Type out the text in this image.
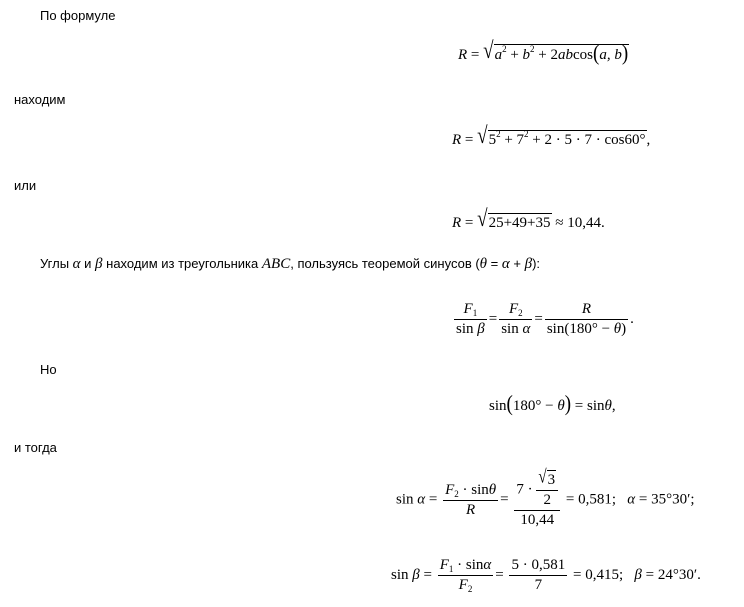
По формуле
$R = √a^2 + b^2 + 2abcos(a$, b)
находим
$R = √5^2 + 7^2 + 2 \cdot 5 \cdot 7 \cdot \cos 60^\circ$,
или
R = √25+49+35 ≈ 10,44.
Углы α и β находим из треугольника ABC, пользуясь теоремой синусов (θ = α + β):
$\frac{F_1}{\text{sin β}} = \frac{F_2}{\text{sin α}} = \frac{R}{\sin(180^\circ - \theta)}$ .
Но
sin(180° − θ) = sinθ,
и тогда
$\sin \alpha = \frac{F_2 \cdot \sin\theta}{R} = \frac{7 \cdot \frac{√3}{2}}{10,44} = 0,581$; α = 35°30′;
$\sin \beta = \frac{F_1 \cdot \sin\alpha}{F_2} = \frac{5 \cdot 0,581}{7} = 0,415$; β = 24°30′.
